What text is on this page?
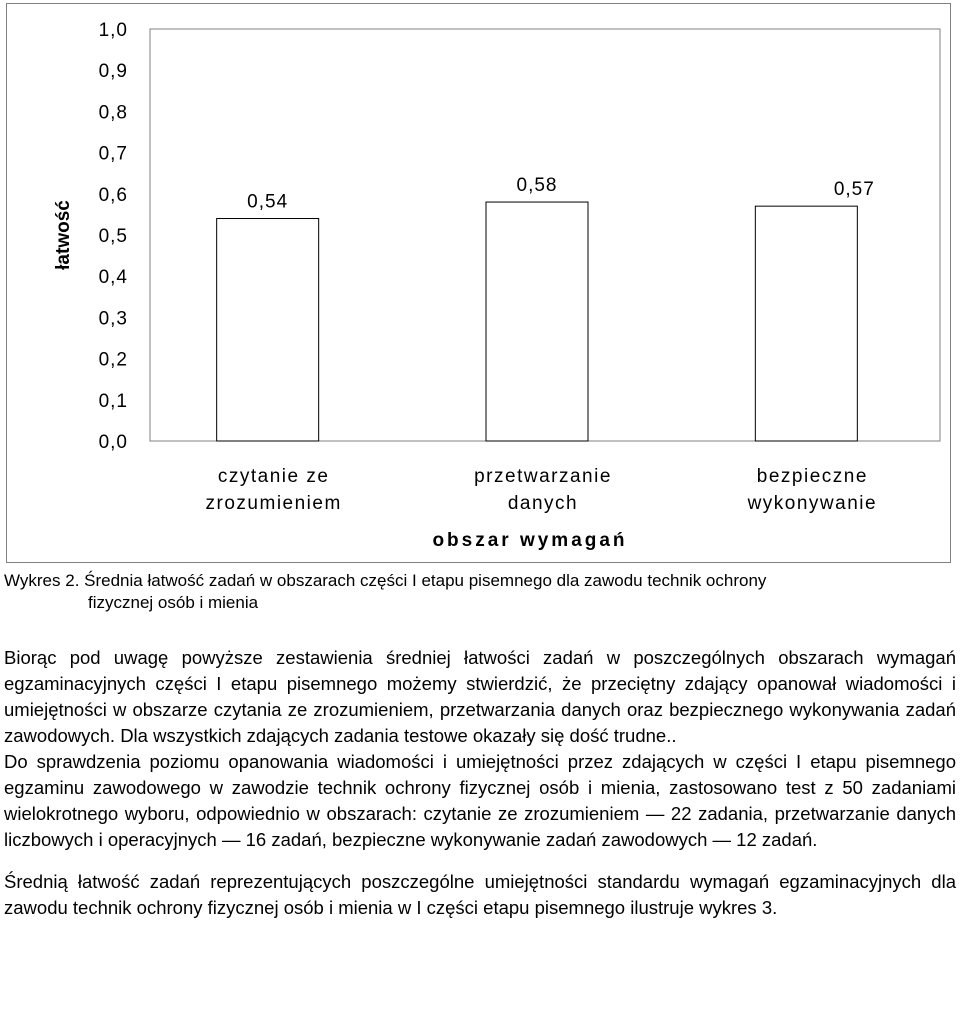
0,0
0,1
0,2
0,3
0,4
0,5
0,6
0,7
0,8
0,9
1,0
łatwość	0,54
czytanie ze
zrozumieniem
0,58
przetwarzanie
danych
0,57
bezpieczne
wykonywanie
obszar wymagań
Wykres 2. Średnia łatwość zadań w obszarach części I etapu pisemnego dla zawodu technik ochrony
fizycznej osób i mienia

Biorąc pod uwagę powyższe zestawienia średniej łatwości zadań w poszczególnych obszarach wymagań egzaminacyjnych części I etapu pisemnego możemy stwierdzić, że przeciętny zdający opanował wiadomości i umiejętności w obszarze czytania ze zrozumieniem, przetwarzania danych oraz bezpiecznego wykonywania zadań zawodowych. Dla wszystkich zdających zadania testowe okazały się dość trudne..

Do sprawdzenia poziomu opanowania wiadomości i umiejętności przez zdających w części I etapu pisemnego egzaminu zawodowego w zawodzie technik ochrony fizycznej osób i mienia, zastosowano test z 50 zadaniami wielokrotnego wyboru, odpowiednio w obszarach: czytanie ze zrozumieniem — 22 zadania, przetwarzanie danych liczbowych i operacyjnych — 16 zadań, bezpieczne wykonywanie zadań zawodowych — 12 zadań.

Średnią łatwość zadań reprezentujących poszczególne umiejętności standardu wymagań egzaminacyjnych dla zawodu technik ochrony fizycznej osób i mienia w I części etapu pisemnego ilustruje wykres 3.
